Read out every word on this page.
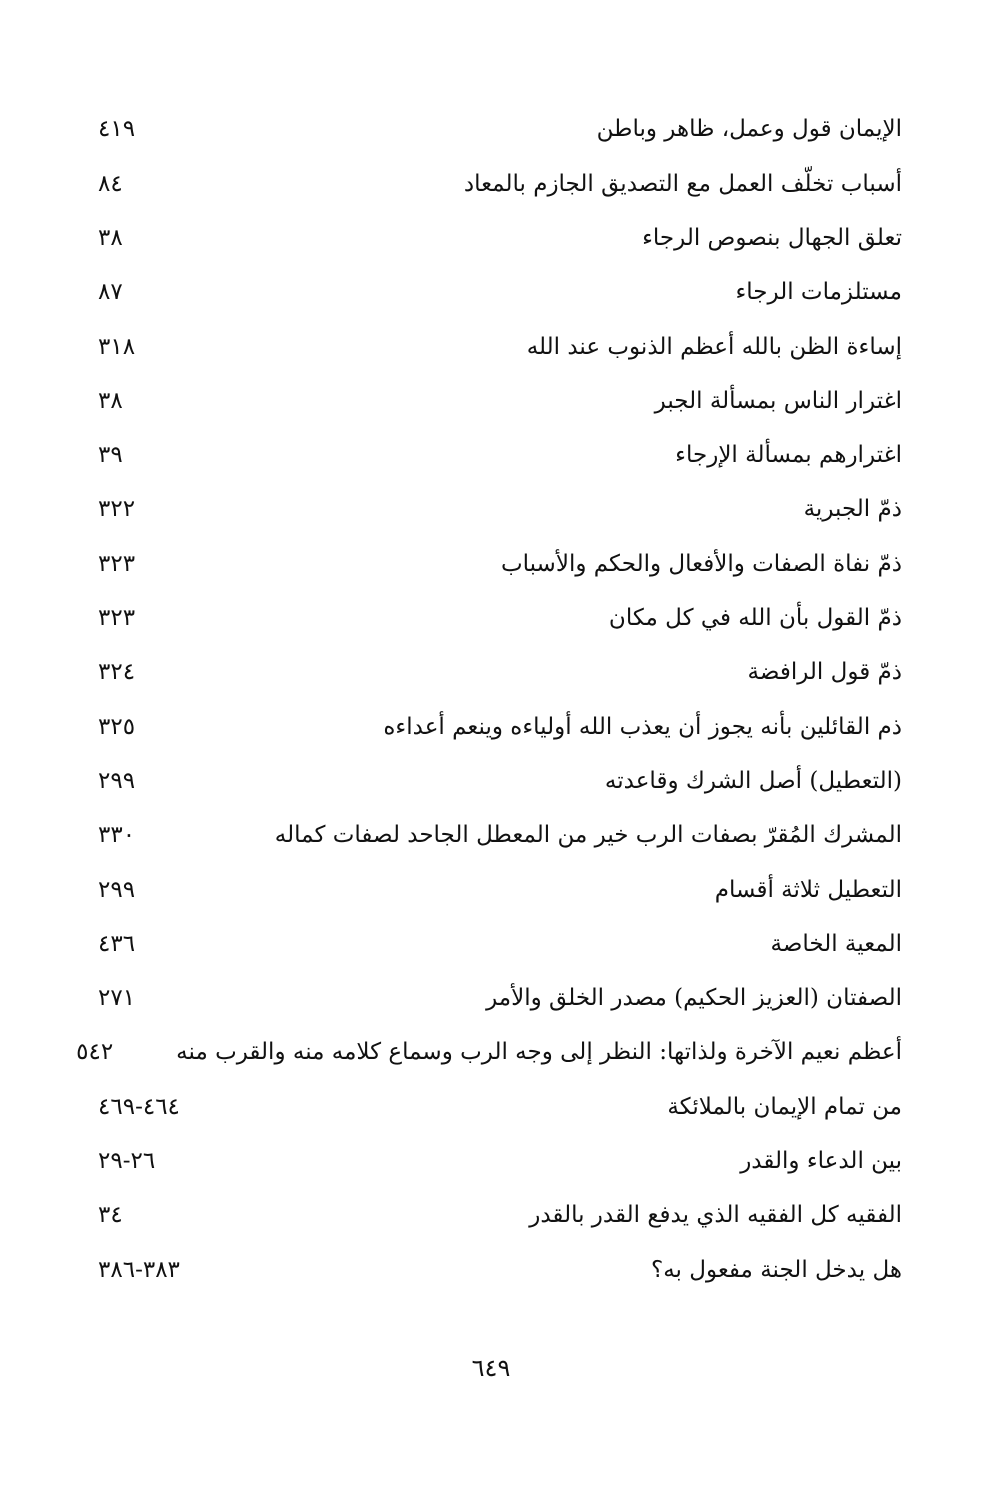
الإيمان قول وعمل، ظاهر وباطن
٤١٩
أسباب تخلّف العمل مع التصديق الجازم بالمعاد
٨٤
تعلق الجهال بنصوص الرجاء
٣٨
مستلزمات الرجاء
٨٧
إساءة الظن بالله أعظم الذنوب عند الله
٣١٨
اغترار الناس بمسألة الجبر
٣٨
اغترارهم بمسألة الإرجاء
٣٩
ذمّ الجبرية
٣٢٢
ذمّ نفاة الصفات والأفعال والحكم والأسباب
٣٢٣
ذمّ القول بأن الله في كل مكان
٣٢٣
ذمّ قول الرافضة
٣٢٤
ذم القائلين بأنه يجوز أن يعذب الله أولياءه وينعم أعداءه
٣٢٥
(التعطيل) أصل الشرك وقاعدته
٢٩٩
المشرك المُقرّ بصفات الرب خير من المعطل الجاحد لصفات كماله
٣٣٠
التعطيل ثلاثة أقسام
٢٩٩
المعية الخاصة
٤٣٦
الصفتان (العزيز الحكيم) مصدر الخلق والأمر
٢٧١
أعظم نعيم الآخرة ولذاتها: النظر إلى وجه الرب وسماع كلامه منه والقرب منه
٥٤٢
من تمام الإيمان بالملائكة
٤٦٤-٤٦٩
بين الدعاء والقدر
٢٦-٢٩
الفقيه كل الفقيه الذي يدفع القدر بالقدر
٣٤
هل يدخل الجنة مفعول به؟
٣٨٣-٣٨٦
٦٤٩
